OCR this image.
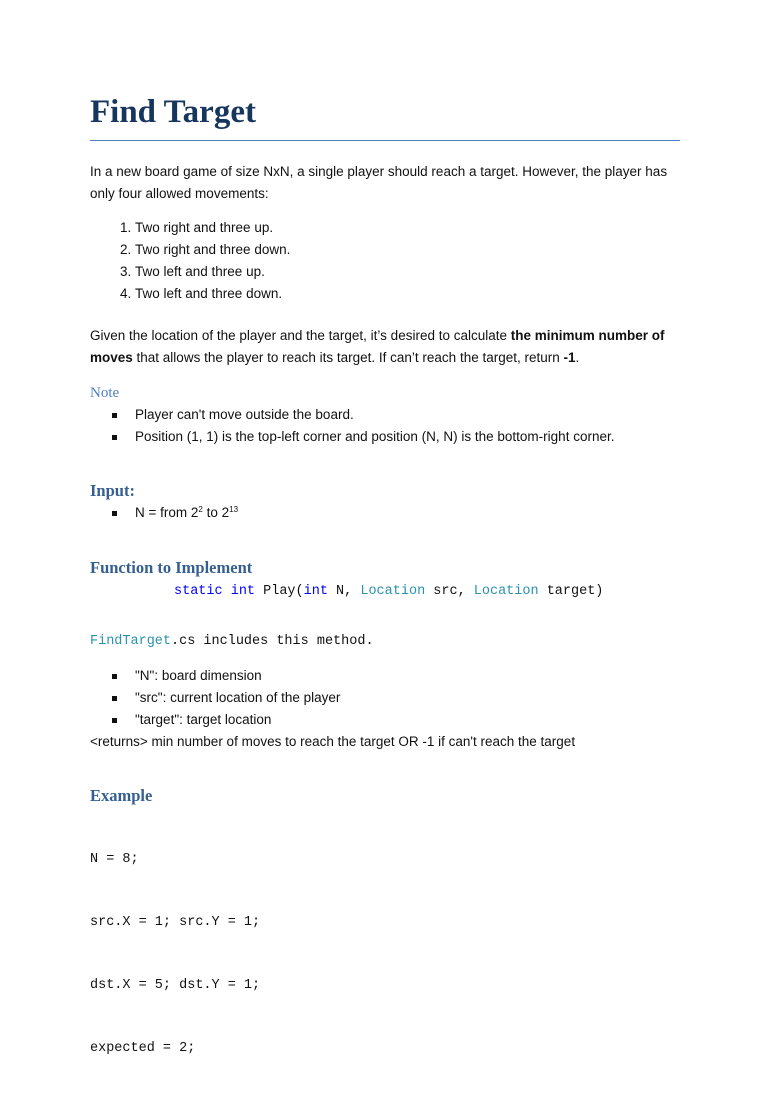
Find Target

In a new board game of size NxN, a single player should reach a target. However, the player has only four allowed movements:

1. Two right and three up.
2. Two right and three down.
3. Two left and three up.
4. Two left and three down.

Given the location of the player and the target, it’s desired to calculate the minimum number of moves that allows the player to reach its target. If can’t reach the target, return -1.

Note
Player can't move outside the board.
Position (1, 1) is the top-left corner and position (N, N) is the bottom-right corner.
Input:
N = from $2^2$ to $2^{13}$
Function to Implement
static int Play(int N, Location src, Location target)
FindTarget.cs includes this method.
"N": board dimension
"src": current location of the player
"target": target location
<returns> min number of moves to reach the target OR -1 if can't reach the target
Example

N = 8;

src.X = 1; src.Y = 1;

dst.X = 5; dst.Y = 1;

expected = 2;
